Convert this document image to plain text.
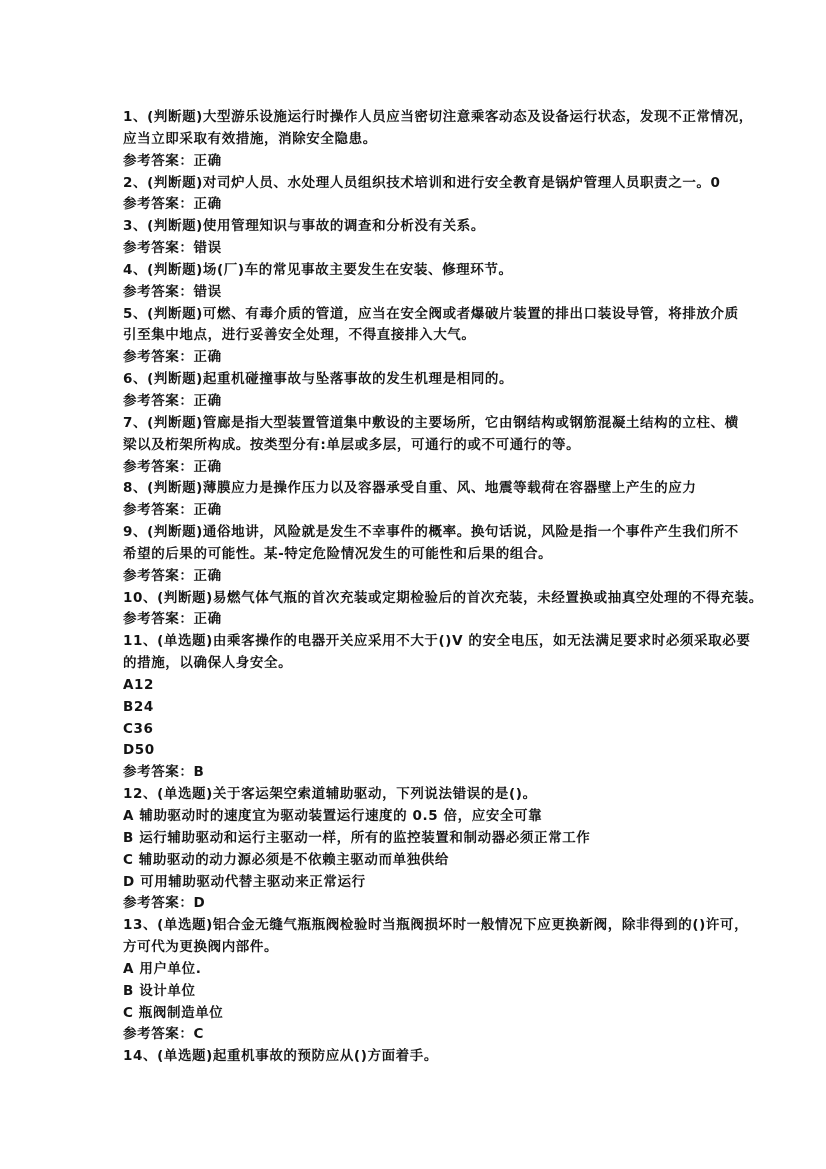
1、(判断题)大型游乐设施运行时操作人员应当密切注意乘客动态及设备运行状态，发现不正常情况，
应当立即采取有效措施，消除安全隐患。
参考答案：正确
2、(判断题)对司炉人员、水处理人员组织技术培训和进行安全教育是锅炉管理人员职责之一。0
参考答案：正确
3、(判断题)使用管理知识与事故的调查和分析没有关系。
参考答案：错误
4、(判断题)场(厂)车的常见事故主要发生在安装、修理环节。
参考答案：错误
5、(判断题)可燃、有毒介质的管道，应当在安全阀或者爆破片装置的排出口装设导管，将排放介质
引至集中地点，进行妥善安全处理，不得直接排入大气。
参考答案：正确
6、(判断题)起重机碰撞事故与坠落事故的发生机理是相同的。
参考答案：正确
7、(判断题)管廊是指大型装置管道集中敷设的主要场所，它由钢结构或钢筋混凝土结构的立柱、横
梁以及桁架所构成。按类型分有:单层或多层，可通行的或不可通行的等。
参考答案：正确
8、(判断题)薄膜应力是操作压力以及容器承受自重、风、地震等载荷在容器壁上产生的应力
参考答案：正确
9、(判断题)通俗地讲，风险就是发生不幸事件的概率。换句话说，风险是指一个事件产生我们所不
希望的后果的可能性。某-特定危险情况发生的可能性和后果的组合。
参考答案：正确
10、(判断题)易燃气体气瓶的首次充装或定期检验后的首次充装，未经置换或抽真空处理的不得充装。
参考答案：正确
11、(单选题)由乘客操作的电器开关应采用不大于()V 的安全电压，如无法满足要求时必须采取必要
的措施，以确保人身安全。
A12
B24
C36
D50
参考答案：B
12、(单选题)关于客运架空索道辅助驱动，下列说法错误的是()。
A 辅助驱动时的速度宜为驱动装置运行速度的 0.5 倍，应安全可靠
B 运行辅助驱动和运行主驱动一样，所有的监控装置和制动器必须正常工作
C 辅助驱动的动力源必须是不依赖主驱动而单独供给
D 可用辅助驱动代替主驱动来正常运行
参考答案：D
13、(单选题)铝合金无缝气瓶瓶阀检验时当瓶阀损坏时一般情况下应更换新阀，除非得到的()许可，
方可代为更换阀内部件。
A 用户单位.
B 设计单位
C 瓶阀制造单位
参考答案：C
14、(单选题)起重机事故的预防应从()方面着手。
